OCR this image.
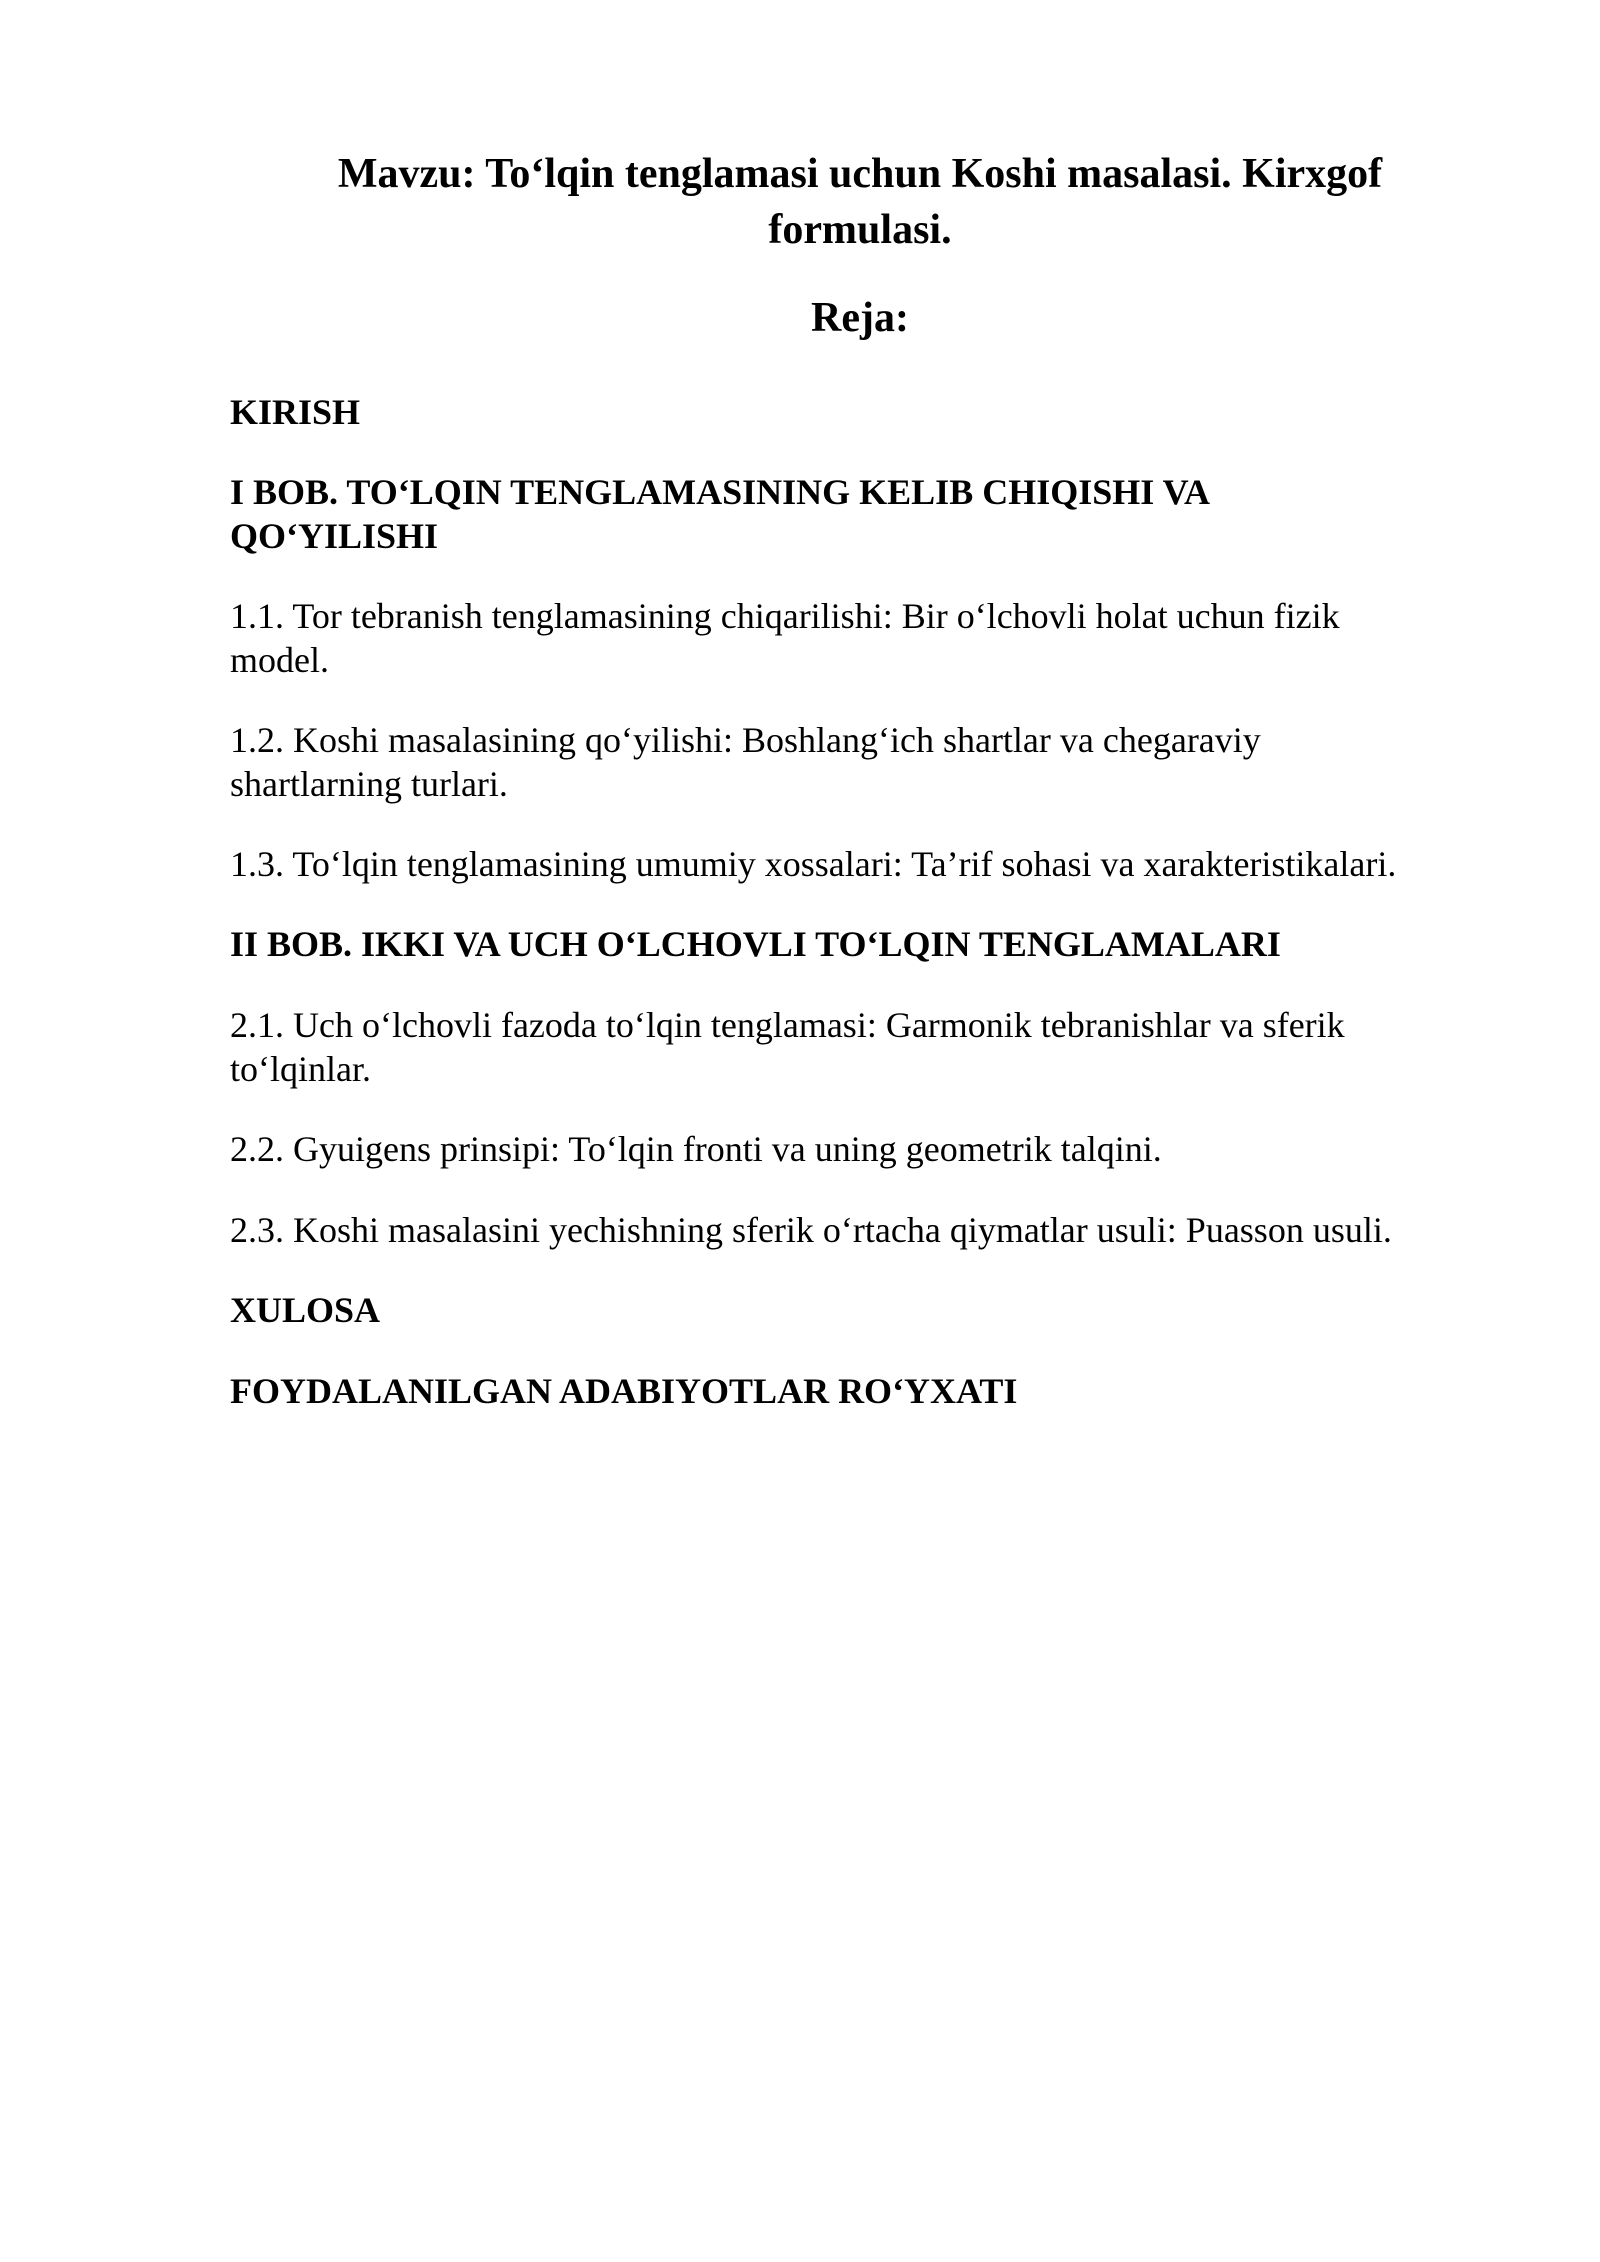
Mavzu: To‘lqin tenglamasi uchun Koshi masalasi. Kirxgof
formulasi.
Reja:

KIRISH

I BOB. TO‘LQIN TENGLAMASINING KELIB CHIQISHI VA
QO‘YILISHI

1.1. Tor tebranish tenglamasining chiqarilishi: Bir o‘lchovli holat uchun fizik
model.

1.2. Koshi masalasining qo‘yilishi: Boshlang‘ich shartlar va chegaraviy
shartlarning turlari.

1.3. To‘lqin tenglamasining umumiy xossalari: Ta’rif sohasi va xarakteristikalari.

II BOB. IKKI VA UCH O‘LCHOVLI TO‘LQIN TENGLAMALARI

2.1. Uch o‘lchovli fazoda to‘lqin tenglamasi: Garmonik tebranishlar va sferik
to‘lqinlar.

2.2. Gyuigens prinsipi: To‘lqin fronti va uning geometrik talqini.

2.3. Koshi masalasini yechishning sferik o‘rtacha qiymatlar usuli: Puasson usuli.

XULOSA

FOYDALANILGAN ADABIYOTLAR RO‘YXATI
